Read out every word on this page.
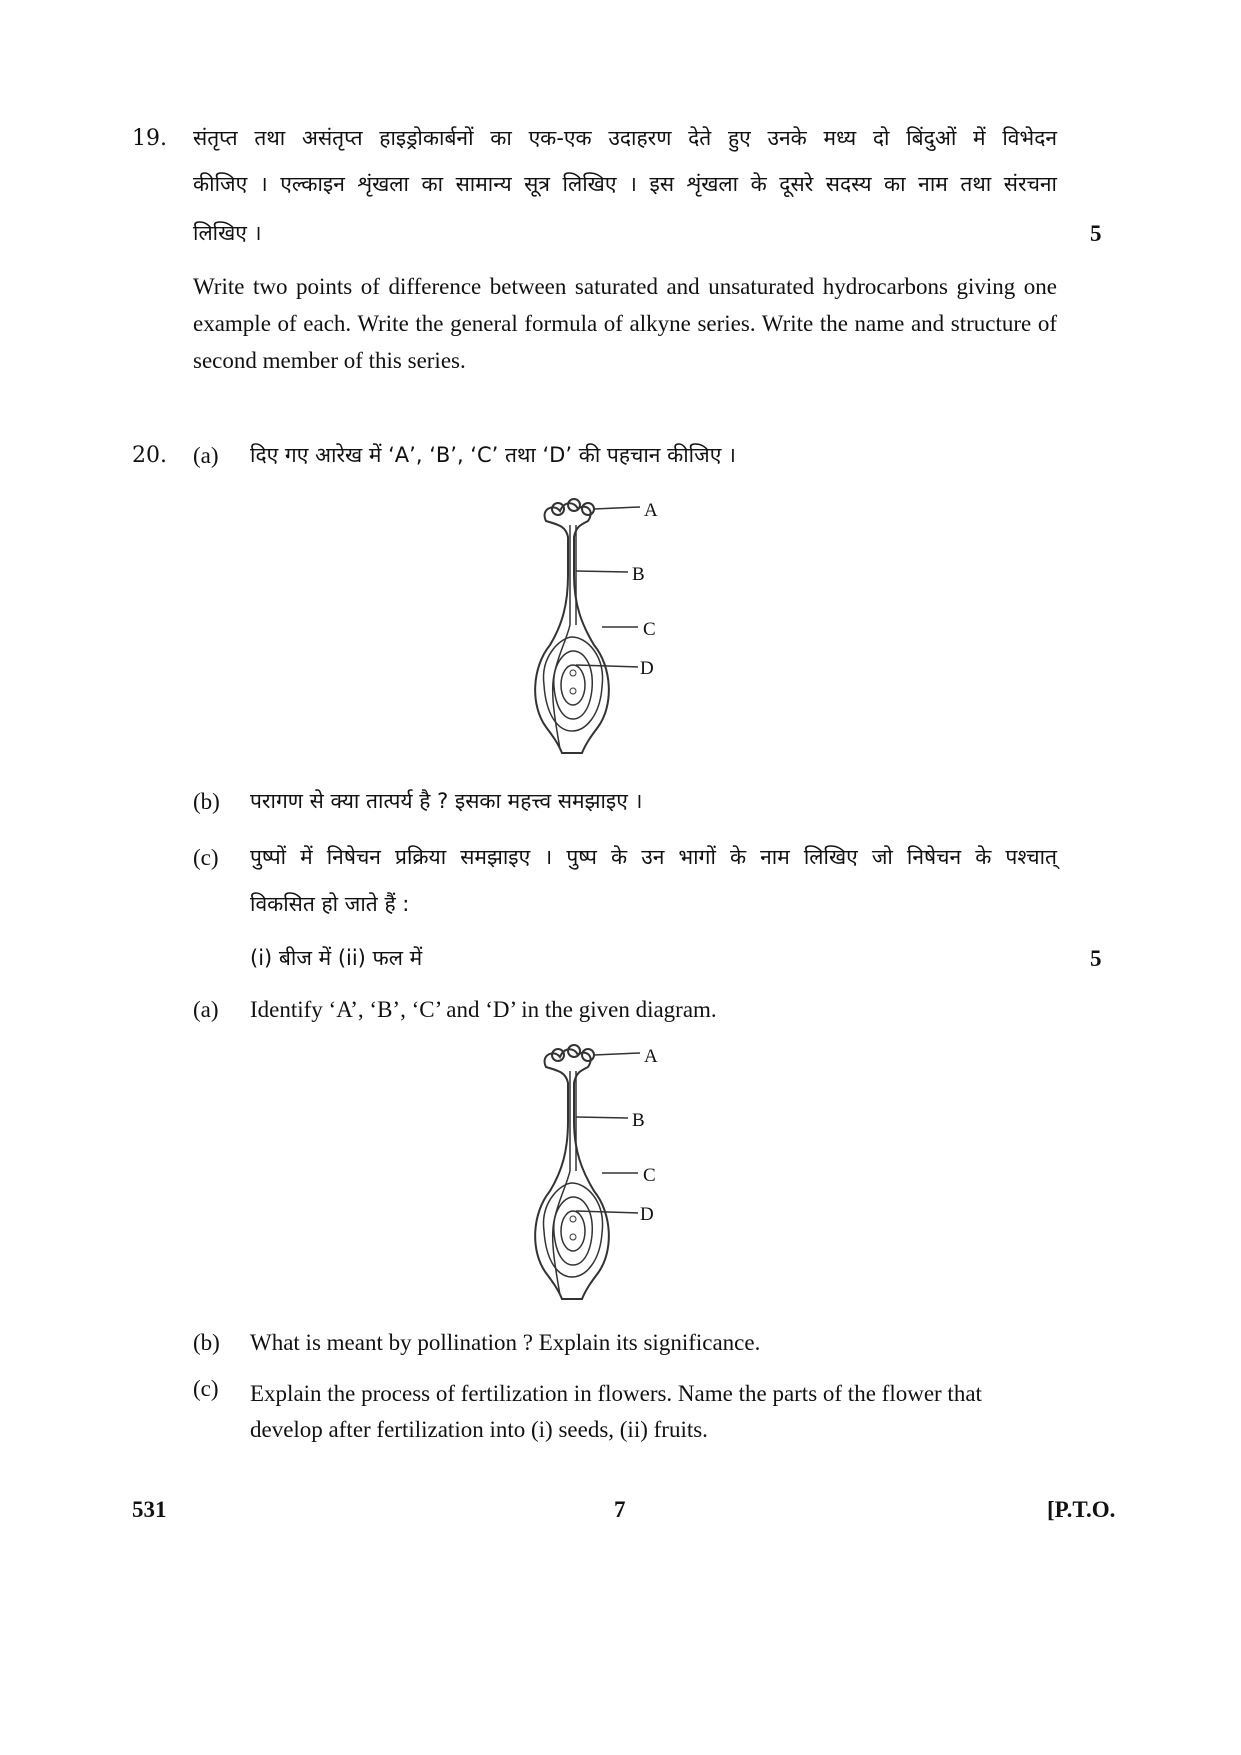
19. संतृप्त तथा असंतृप्त हाइड्रोकार्बनों का एक-एक उदाहरण देते हुए उनके मध्य दो बिंदुओं में विभेदन
कीजिए । एल्काइन शृंखला का सामान्य सूत्र लिखिए । इस शृंखला के दूसरे सदस्य का नाम तथा संरचना
लिखिए ।	5
Write two points of difference between saturated and unsaturated hydrocarbons giving one example of each. Write the general formula of alkyne series. Write the name and structure of second member of this series.
20. (a) दिए गए आरेख में ‘A’, ‘B’, ‘C’ तथा ‘D’ की पहचान कीजिए ।
A
B
C
D
(b) परागण से क्या तात्पर्य है ? इसका महत्त्व समझाइए ।
(c) पुष्पों में निषेचन प्रक्रिया समझाइए । पुष्प के उन भागों के नाम लिखिए जो निषेचन के पश्चात्
विकसित हो जाते हैं :
(i) बीज में (ii) फल में	5
(a) Identify ‘A’, ‘B’, ‘C’ and ‘D’ in the given diagram.
A
B
C
D
(b) What is meant by pollination ? Explain its significance.
(c) Explain the process of fertilization in flowers. Name the parts of the flower that develop after fertilization into (i) seeds, (ii) fruits.
531	7	[P.T.O.
